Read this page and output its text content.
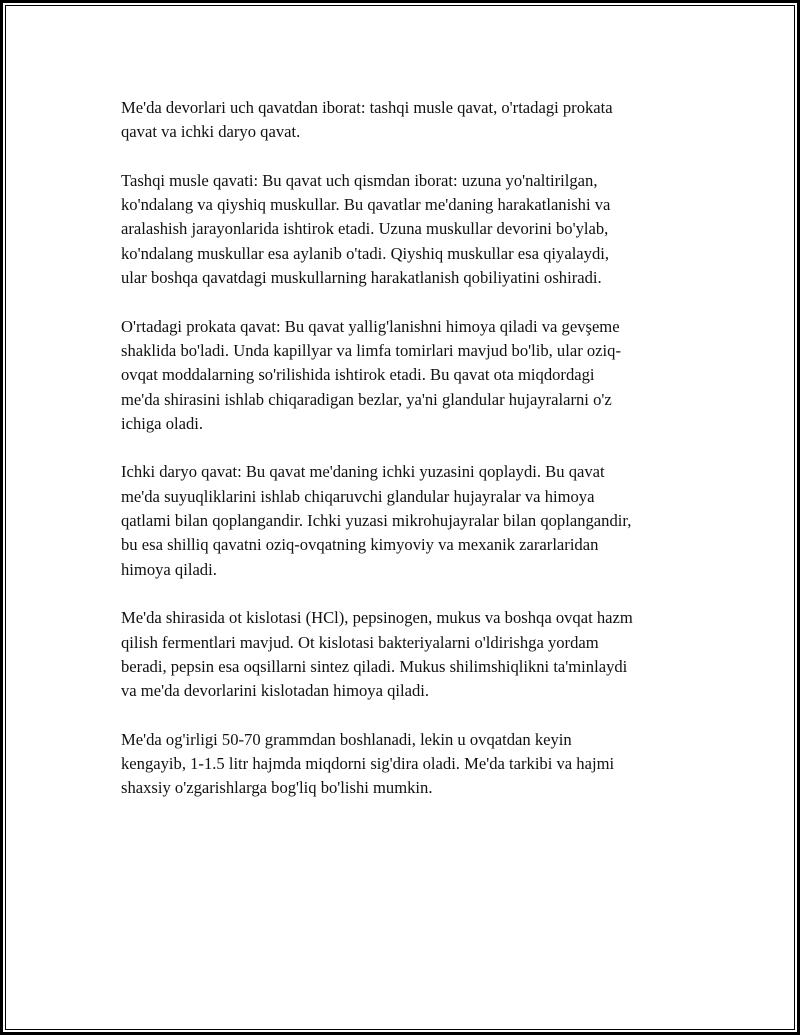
Me'da devorlari uch qavatdan iborat: tashqi musle qavat, o'rtadagi prokata
qavat va ichki daryo qavat.

Tashqi musle qavati: Bu qavat uch qismdan iborat: uzuna yo'naltirilgan,
ko'ndalang va qiyshiq muskullar. Bu qavatlar me'daning harakatlanishi va
aralashish jarayonlarida ishtirok etadi. Uzuna muskullar devorini bo'ylab,
ko'ndalang muskullar esa aylanib o'tadi. Qiyshiq muskullar esa qiyalaydi,
ular boshqa qavatdagi muskullarning harakatlanish qobiliyatini oshiradi.

O'rtadagi prokata qavat: Bu qavat yallig'lanishni himoya qiladi va gevşeme
shaklida bo'ladi. Unda kapillyar va limfa tomirlari mavjud bo'lib, ular oziq-
ovqat moddalarning so'rilishida ishtirok etadi. Bu qavat ota miqdordagi
me'da shirasini ishlab chiqaradigan bezlar, ya'ni glandular hujayralarni o'z
ichiga oladi.

Ichki daryo qavat: Bu qavat me'daning ichki yuzasini qoplaydi. Bu qavat
me'da suyuqliklarini ishlab chiqaruvchi glandular hujayralar va himoya
qatlami bilan qoplangandir. Ichki yuzasi mikrohujayralar bilan qoplangandir,
bu esa shilliq qavatni oziq-ovqatning kimyoviy va mexanik zararlaridan
himoya qiladi.

Me'da shirasida ot kislotasi (HCl), pepsinogen, mukus va boshqa ovqat hazm
qilish fermentlari mavjud. Ot kislotasi bakteriyalarni o'ldirishga yordam
beradi, pepsin esa oqsillarni sintez qiladi. Mukus shilimshiqlikni ta'minlaydi
va me'da devorlarini kislotadan himoya qiladi.

Me'da og'irligi 50-70 grammdan boshlanadi, lekin u ovqatdan keyin
kengayib, 1-1.5 litr hajmda miqdorni sig'dira oladi. Me'da tarkibi va hajmi
shaxsiy o'zgarishlarga bog'liq bo'lishi mumkin.
